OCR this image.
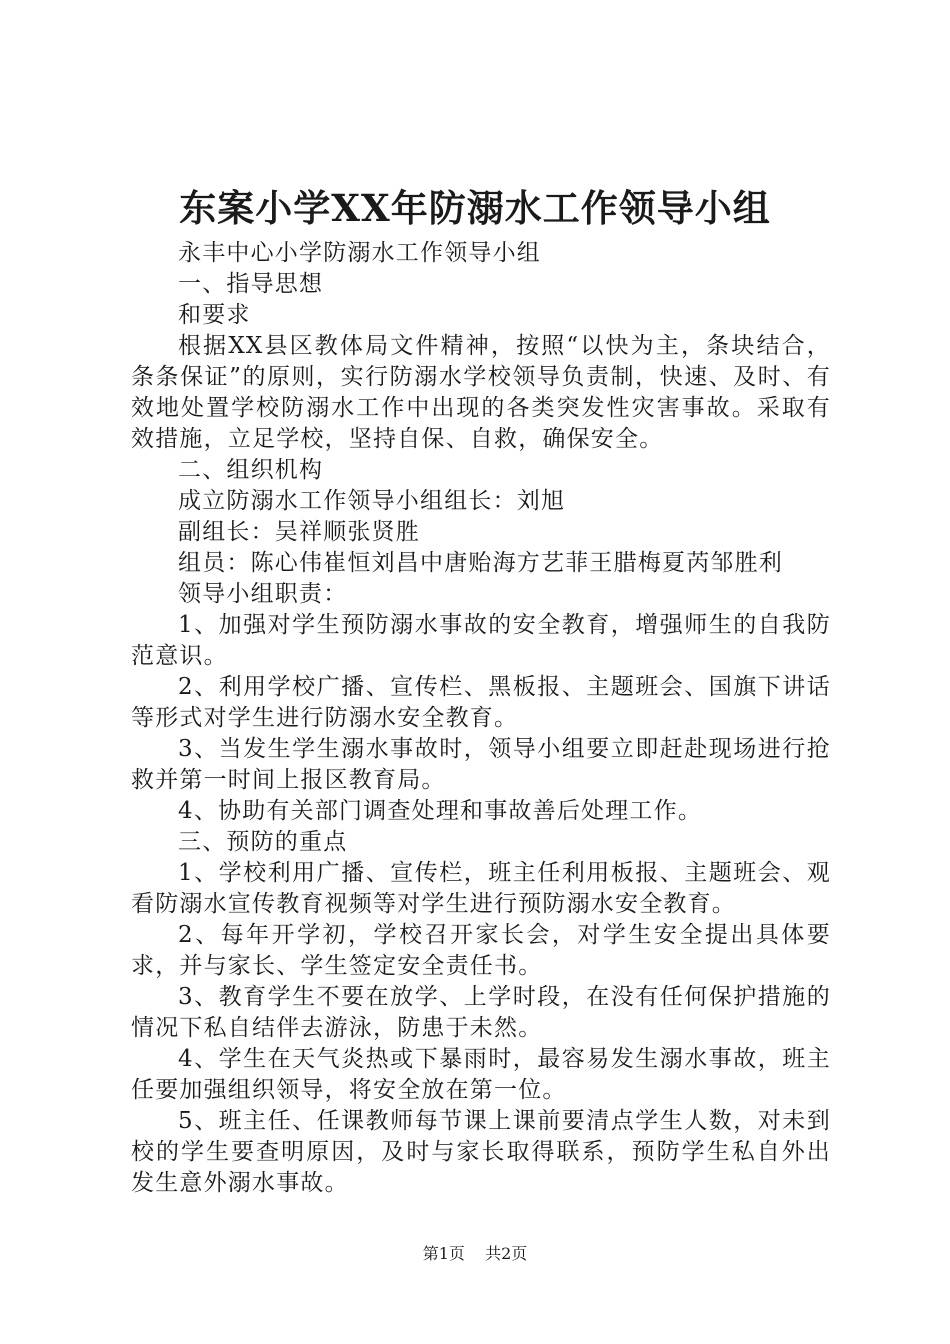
东案小学XX年防溺水工作领导小组

永丰中心小学防溺水工作领导小组

一、指导思想

和要求

根据XX县区教体局文件精神，按照“以快为主，条块结合，条条保证”的原则，实行防溺水学校领导负责制，快速、及时、有效地处置学校防溺水工作中出现的各类突发性灾害事故。采取有效措施，立足学校，坚持自保、自救，确保安全。

二、组织机构

成立防溺水工作领导小组组长：刘旭

副组长：吴祥顺张贤胜

组员：陈心伟崔恒刘昌中唐贻海方艺菲王腊梅夏芮邹胜利

领导小组职责：

1、加强对学生预防溺水事故的安全教育，增强师生的自我防范意识。

2、利用学校广播、宣传栏、黑板报、主题班会、国旗下讲话等形式对学生进行防溺水安全教育。

3、当发生学生溺水事故时，领导小组要立即赶赴现场进行抢救并第一时间上报区教育局。

4、协助有关部门调查处理和事故善后处理工作。

三、预防的重点

1、学校利用广播、宣传栏，班主任利用板报、主题班会、观看防溺水宣传教育视频等对学生进行预防溺水安全教育。

2、每年开学初，学校召开家长会，对学生安全提出具体要求，并与家长、学生签定安全责任书。

3、教育学生不要在放学、上学时段，在没有任何保护措施的情况下私自结伴去游泳，防患于未然。

4、学生在天气炎热或下暴雨时，最容易发生溺水事故，班主任要加强组织领导，将安全放在第一位。

5、班主任、任课教师每节课上课前要清点学生人数，对未到校的学生要查明原因，及时与家长取得联系，预防学生私自外出发生意外溺水事故。

第1页 共2页
